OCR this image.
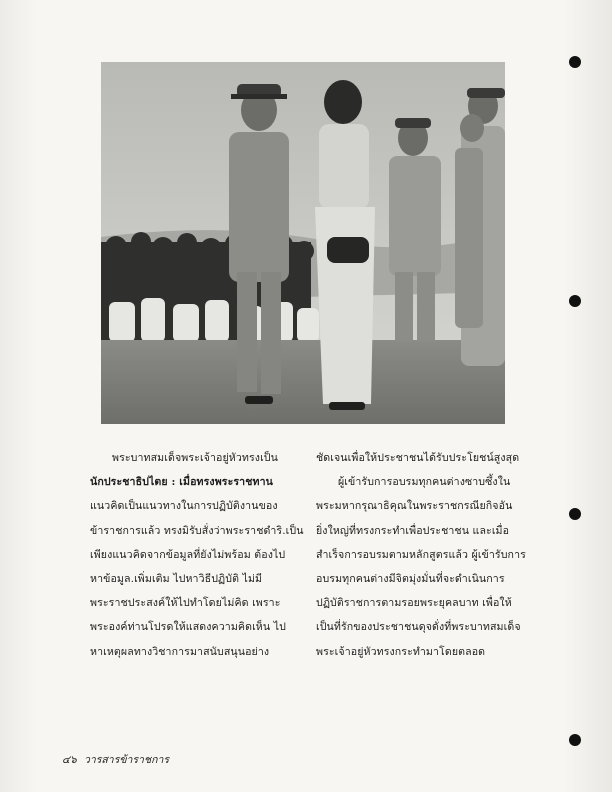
พระบาทสมเด็จพระเจ้าอยู่หัวทรงเป็น
นักประชาธิปไตย : เมื่อทรงพระราชทาน
แนวคิดเป็นแนวทางในการปฏิบัติงานของ
ข้าราชการแล้ว ทรงมิรับสั่งว่าพระราชดำริ.เป็น
เพียงแนวคิดจากข้อมูลที่ยังไม่พร้อม ต้องไป
หาข้อมูล.เพิ่มเติม ไปหาวิธีปฏิบัติ ไม่มี
พระราชประสงค์ให้ไปทำโดยไม่คิด เพราะ
พระองค์ท่านโปรดให้แสดงความคิดเห็น ไป
หาเหตุผลทางวิชาการมาสนับสนุนอย่าง
ชัดเจนเพื่อให้ประชาชนได้รับประโยชน์สูงสุด
ผู้เข้ารับการอบรมทุกคนต่างซาบซึ้งใน
พระมหากรุณาธิคุณในพระราชกรณียกิจอัน
ยิ่งใหญ่ที่ทรงกระทำเพื่อประชาชน และเมื่อ
สำเร็จการอบรมตามหลักสูตรแล้ว ผู้เข้ารับการ
อบรมทุกคนต่างมีจิตมุ่งมั่นที่จะดำเนินการ
ปฏิบัติราชการตามรอยพระยุคลบาท เพื่อให้
เป็นที่รักของประชาชนดุจดั่งที่พระบาทสมเด็จ
พระเจ้าอยู่หัวทรงกระทำมาโดยตลอด
๔๖ วารสารข้าราชการ
